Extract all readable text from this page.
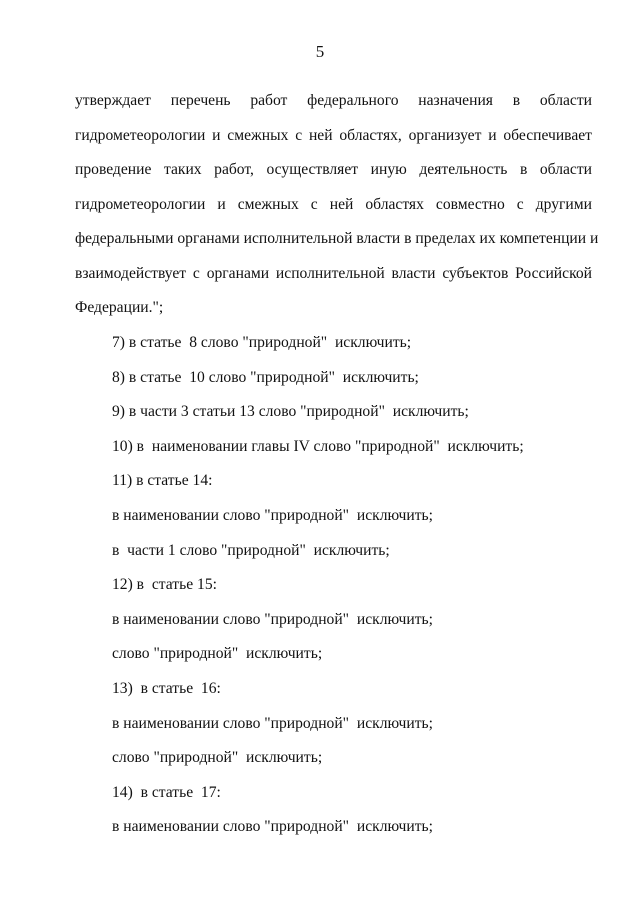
5
утверждает перечень работ федерального назначения в области
гидрометеорологии и смежных с ней областях, организует и обеспечивает
проведение таких работ, осуществляет иную деятельность в области
гидрометеорологии и смежных с ней областях совместно с другими
федеральными органами исполнительной власти в пределах их компетенции и
взаимодействует с органами исполнительной власти субъектов Российской
Федерации.";
7) в статье  8 слово "природной"  исключить;
8) в статье  10 слово "природной"  исключить;
9) в части 3 статьи 13 слово "природной"  исключить;
10) в  наименовании главы IV слово "природной"  исключить;
11) в статье 14:
в наименовании слово "природной"  исключить;
в  части 1 слово "природной"  исключить;
12) в  статье 15:
в наименовании слово "природной"  исключить;
слово "природной"  исключить;
13)  в статье  16:
в наименовании слово "природной"  исключить;
слово "природной"  исключить;
14)  в статье  17:
в наименовании слово "природной"  исключить;
